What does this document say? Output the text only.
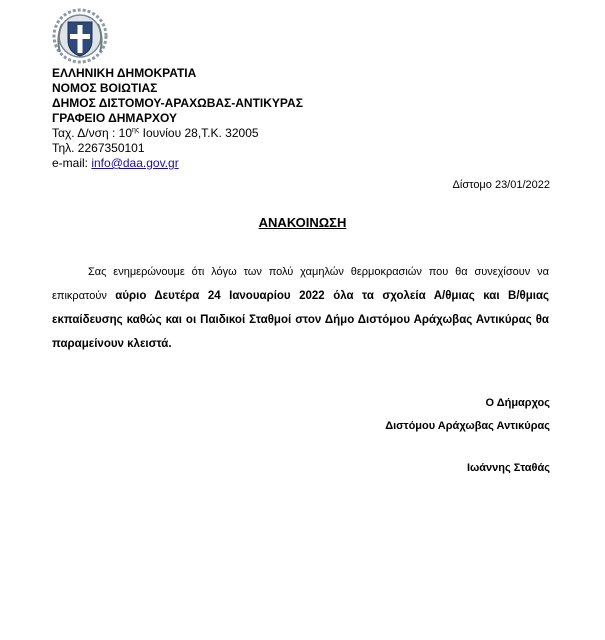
ΕΛΛΗΝΙΚΗ ΔΗΜΟΚΡΑΤΙΑ
ΝΟΜΟΣ ΒΟΙΩΤΙΑΣ
ΔΗΜΟΣ ΔΙΣΤΟΜΟΥ-ΑΡΑΧΩΒΑΣ-ΑΝΤΙΚΥΡΑΣ
ΓΡΑΦΕΙΟ ΔΗΜΑΡΧΟΥ
Ταχ. Δ/νση : $10^{\eta\varsigma}$ Ιουνίου 28,Τ.Κ. 32005
Τηλ. 2267350101
e-mail: info@daa.gov.gr
Δίστομο 23/01/2022
ΑΝΑΚΟΙΝΩΣΗ
Σας ενημερώνουμε ότι λόγω των πολύ χαμηλών θερμοκρασιών που θα συνεχίσουν να επικρατούν αύριο Δευτέρα 24 Ιανουαρίου 2022 όλα τα σχολεία Α/θμιας και Β/θμιας εκπαίδευσης καθώς και οι Παιδικοί Σταθμοί στον Δήμο Διστόμου Αράχωβας Αντικύρας θα παραμείνουν κλειστά.
Ο Δήμαρχος
Διστόμου Αράχωβας Αντικύρας
Ιωάννης Σταθάς
